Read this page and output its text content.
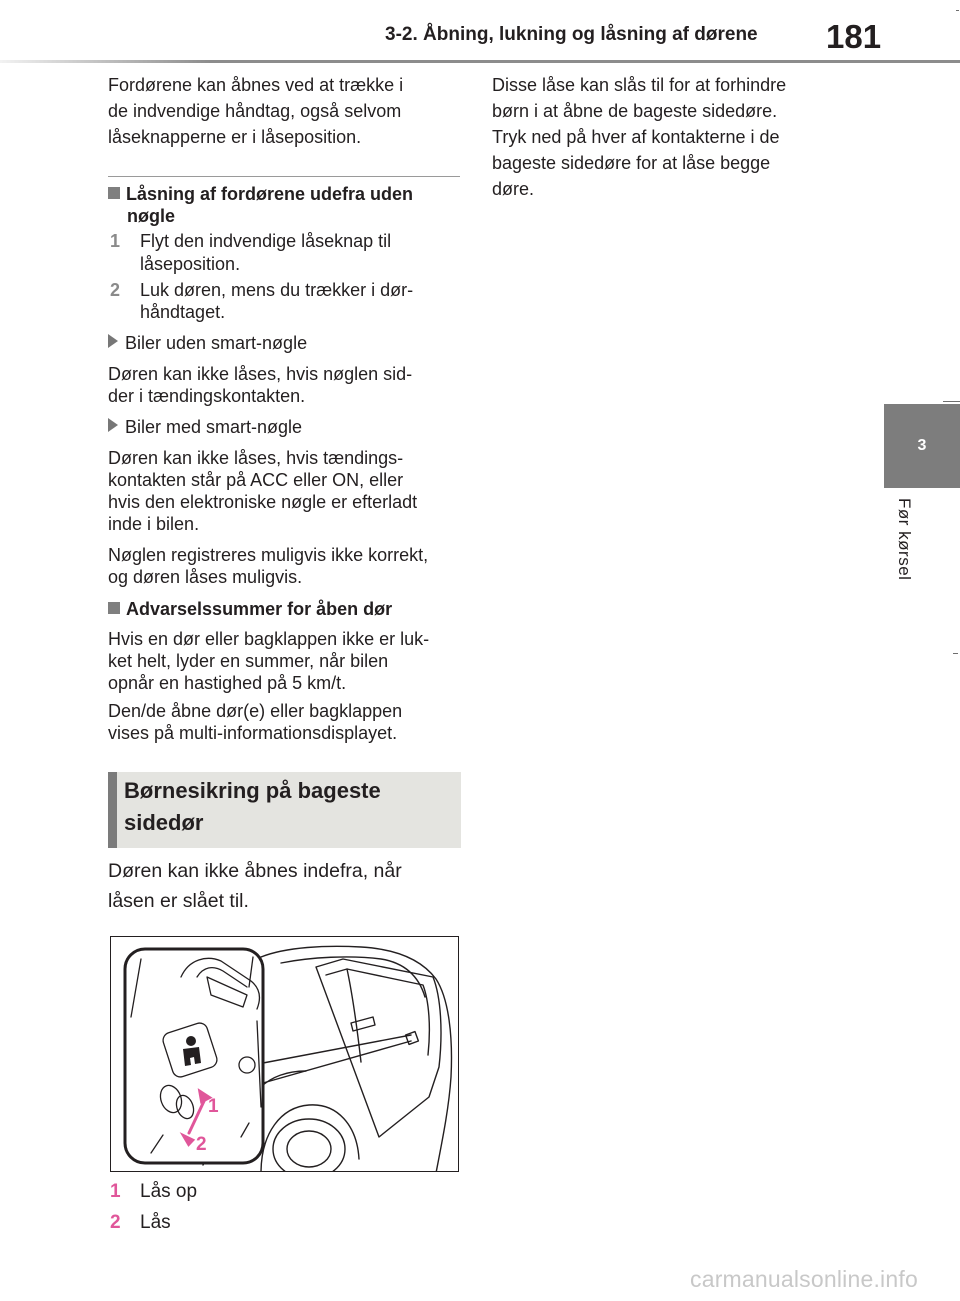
3-2. Åbning, lukning og låsning af dørene 181
3
Før kørsel

Fordørene kan åbnes ved at trække i

de indvendige håndtag, også selvom

låseknapperne er i låseposition.

Låsning af fordørene udefra uden
nøgle
1 Flyt den indvendige låseknap til
låseposition.
2 Luk døren, mens du trækker i dør-
håndtaget.
Biler uden smart-nøgle
Døren kan ikke låses, hvis nøglen sid-
der i tændingskontakten.
Biler med smart-nøgle
Døren kan ikke låses, hvis tændings-
kontakten står på ACC eller ON, eller
hvis den elektroniske nøgle er efterladt
inde i bilen.
Nøglen registreres muligvis ikke korrekt,
og døren låses muligvis.
Advarselssummer for åben dør
Hvis en dør eller bagklappen ikke er luk-
ket helt, lyder en summer, når bilen
opnår en hastighed på 5 km/t.
Den/de åbne dør(e) eller bagklappen
vises på multi-informationsdisplayet.
Børnesikring på bageste
sidedør

Døren kan ikke åbnes indefra, når

låsen er slået til.

1
2
1 Lås op
2 Lås

Disse låse kan slås til for at forhindre

børn i at åbne de bageste sidedøre.

Tryk ned på hver af kontakterne i de

bageste sidedøre for at låse begge

døre.

carmanualsonline.info
